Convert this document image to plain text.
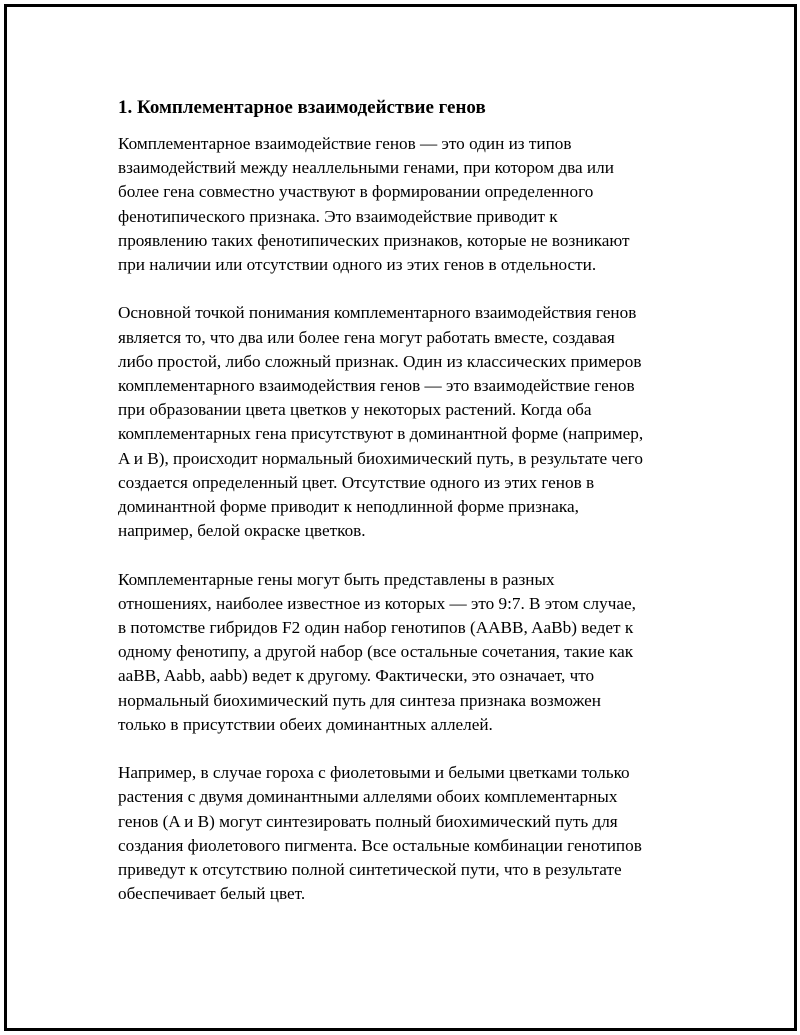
1. Комплементарное взаимодействие генов
Комплементарное взаимодействие генов — это один из типов
взаимодействий между неаллельными генами, при котором два или
более гена совместно участвуют в формировании определенного
фенотипического признака. Это взаимодействие приводит к
проявлению таких фенотипических признаков, которые не возникают
при наличии или отсутствии одного из этих генов в отдельности.
Основной точкой понимания комплементарного взаимодействия генов
является то, что два или более гена могут работать вместе, создавая
либо простой, либо сложный признак. Один из классических примеров
комплементарного взаимодействия генов — это взаимодействие генов
при образовании цвета цветков у некоторых растений. Когда оба
комплементарных гена присутствуют в доминантной форме (например,
A и B), происходит нормальный биохимический путь, в результате чего
создается определенный цвет. Отсутствие одного из этих генов в
доминантной форме приводит к неподлинной форме признака,
например, белой окраске цветков.
Комплементарные гены могут быть представлены в разных
отношениях, наиболее известное из которых — это 9:7. В этом случае,
в потомстве гибридов F2 один набор генотипов (AABB, AaBb) ведет к
одному фенотипу, а другой набор (все остальные сочетания, такие как
aaBB, Aabb, aabb) ведет к другому. Фактически, это означает, что
нормальный биохимический путь для синтеза признака возможен
только в присутствии обеих доминантных аллелей.
Например, в случае гороха с фиолетовыми и белыми цветками только
растения с двумя доминантными аллелями обоих комплементарных
генов (A и B) могут синтезировать полный биохимический путь для
создания фиолетового пигмента. Все остальные комбинации генотипов
приведут к отсутствию полной синтетической пути, что в результате
обеспечивает белый цвет.
